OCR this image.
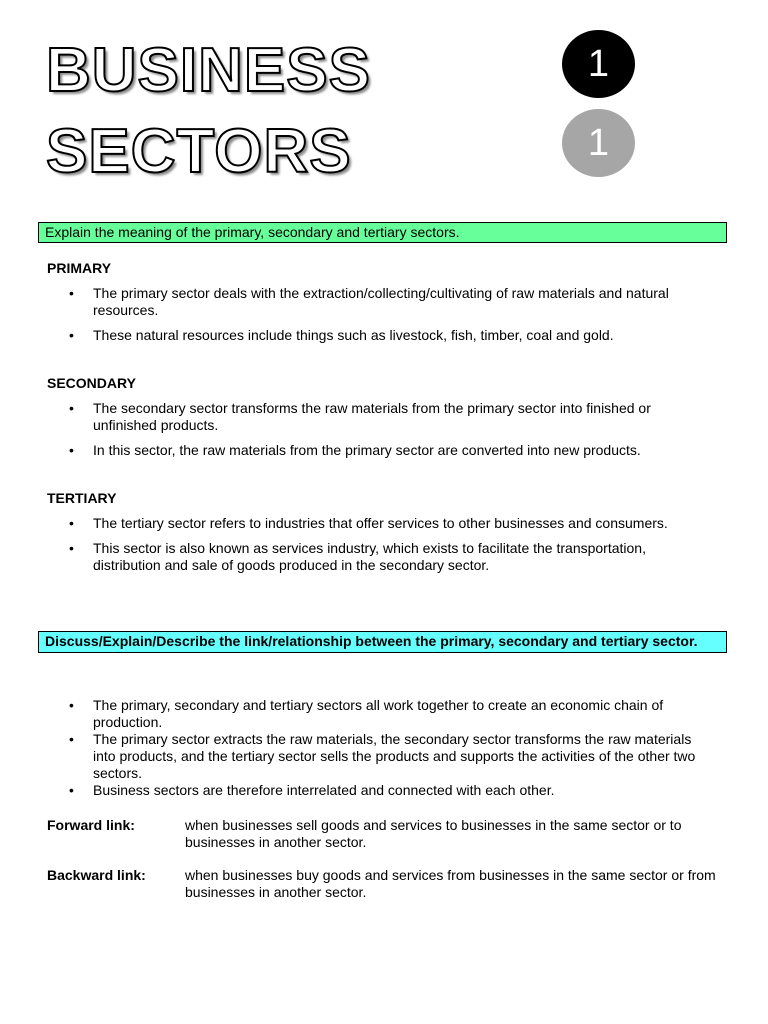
BUSINESS
SECTORS
1
1
Explain the meaning of the primary, secondary and tertiary sectors.
PRIMARY
• The primary sector deals with the extraction/collecting/cultivating of raw materials and natural resources.
• These natural resources include things such as livestock, fish, timber, coal and gold.
SECONDARY
• The secondary sector transforms the raw materials from the primary sector into finished or unfinished products.
• In this sector, the raw materials from the primary sector are converted into new products.
TERTIARY
• The tertiary sector refers to industries that offer services to other businesses and consumers.
• This sector is also known as services industry, which exists to facilitate the transportation, distribution and sale of goods produced in the secondary sector.
Discuss/Explain/Describe the link/relationship between the primary, secondary and tertiary sector.
• The primary, secondary and tertiary sectors all work together to create an economic chain of production.
• The primary sector extracts the raw materials, the secondary sector transforms the raw materials into products, and the tertiary sector sells the products and supports the activities of the other two sectors.
• Business sectors are therefore interrelated and connected with each other.
Forward link:	when businesses sell goods and services to businesses in the same sector or to businesses in another sector.
Backward link:	when businesses buy goods and services from businesses in the same sector or from businesses in another sector.
